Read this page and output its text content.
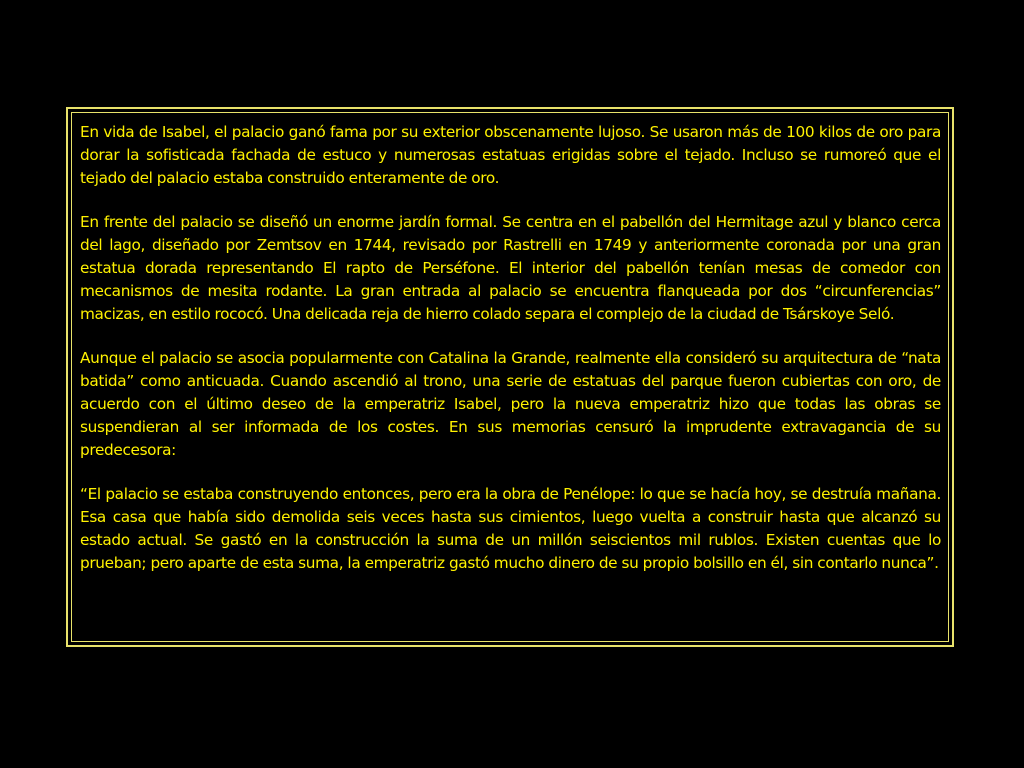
En vida de Isabel, el palacio ganó fama por su exterior obscenamente lujoso. Se usaron más de 100 kilos de oro para dorar la sofisticada fachada de estuco y numerosas estatuas erigidas sobre el tejado. Incluso se rumoreó que el tejado del palacio estaba construido enteramente de oro.

En frente del palacio se diseñó un enorme jardín formal. Se centra en el pabellón del Hermitage azul y blanco cerca del lago, diseñado por Zemtsov en 1744, revisado por Rastrelli en 1749 y anteriormente coronada por una gran estatua dorada representando El rapto de Perséfone. El interior del pabellón tenían mesas de comedor con mecanismos de mesita rodante. La gran entrada al palacio se encuentra flanqueada por dos “circunferencias” macizas, en estilo rococó. Una delicada reja de hierro colado separa el complejo de la ciudad de Tsárskoye Seló.

Aunque el palacio se asocia popularmente con Catalina la Grande, realmente ella consideró su arquitectura de “nata batida” como anticuada. Cuando ascendió al trono, una serie de estatuas del parque fueron cubiertas con oro, de acuerdo con el último deseo de la emperatriz Isabel, pero la nueva emperatriz hizo que todas las obras se suspendieran al ser informada de los costes. En sus memorias censuró la imprudente extravagancia de su predecesora:

“El palacio se estaba construyendo entonces, pero era la obra de Penélope: lo que se hacía hoy, se destruía mañana. Esa casa que había sido demolida seis veces hasta sus cimientos, luego vuelta a construir hasta que alcanzó su estado actual. Se gastó en la construcción la suma de un millón seiscientos mil rublos. Existen cuentas que lo prueban; pero aparte de esta suma, la emperatriz gastó mucho dinero de su propio bolsillo en él, sin contarlo nunca”.
